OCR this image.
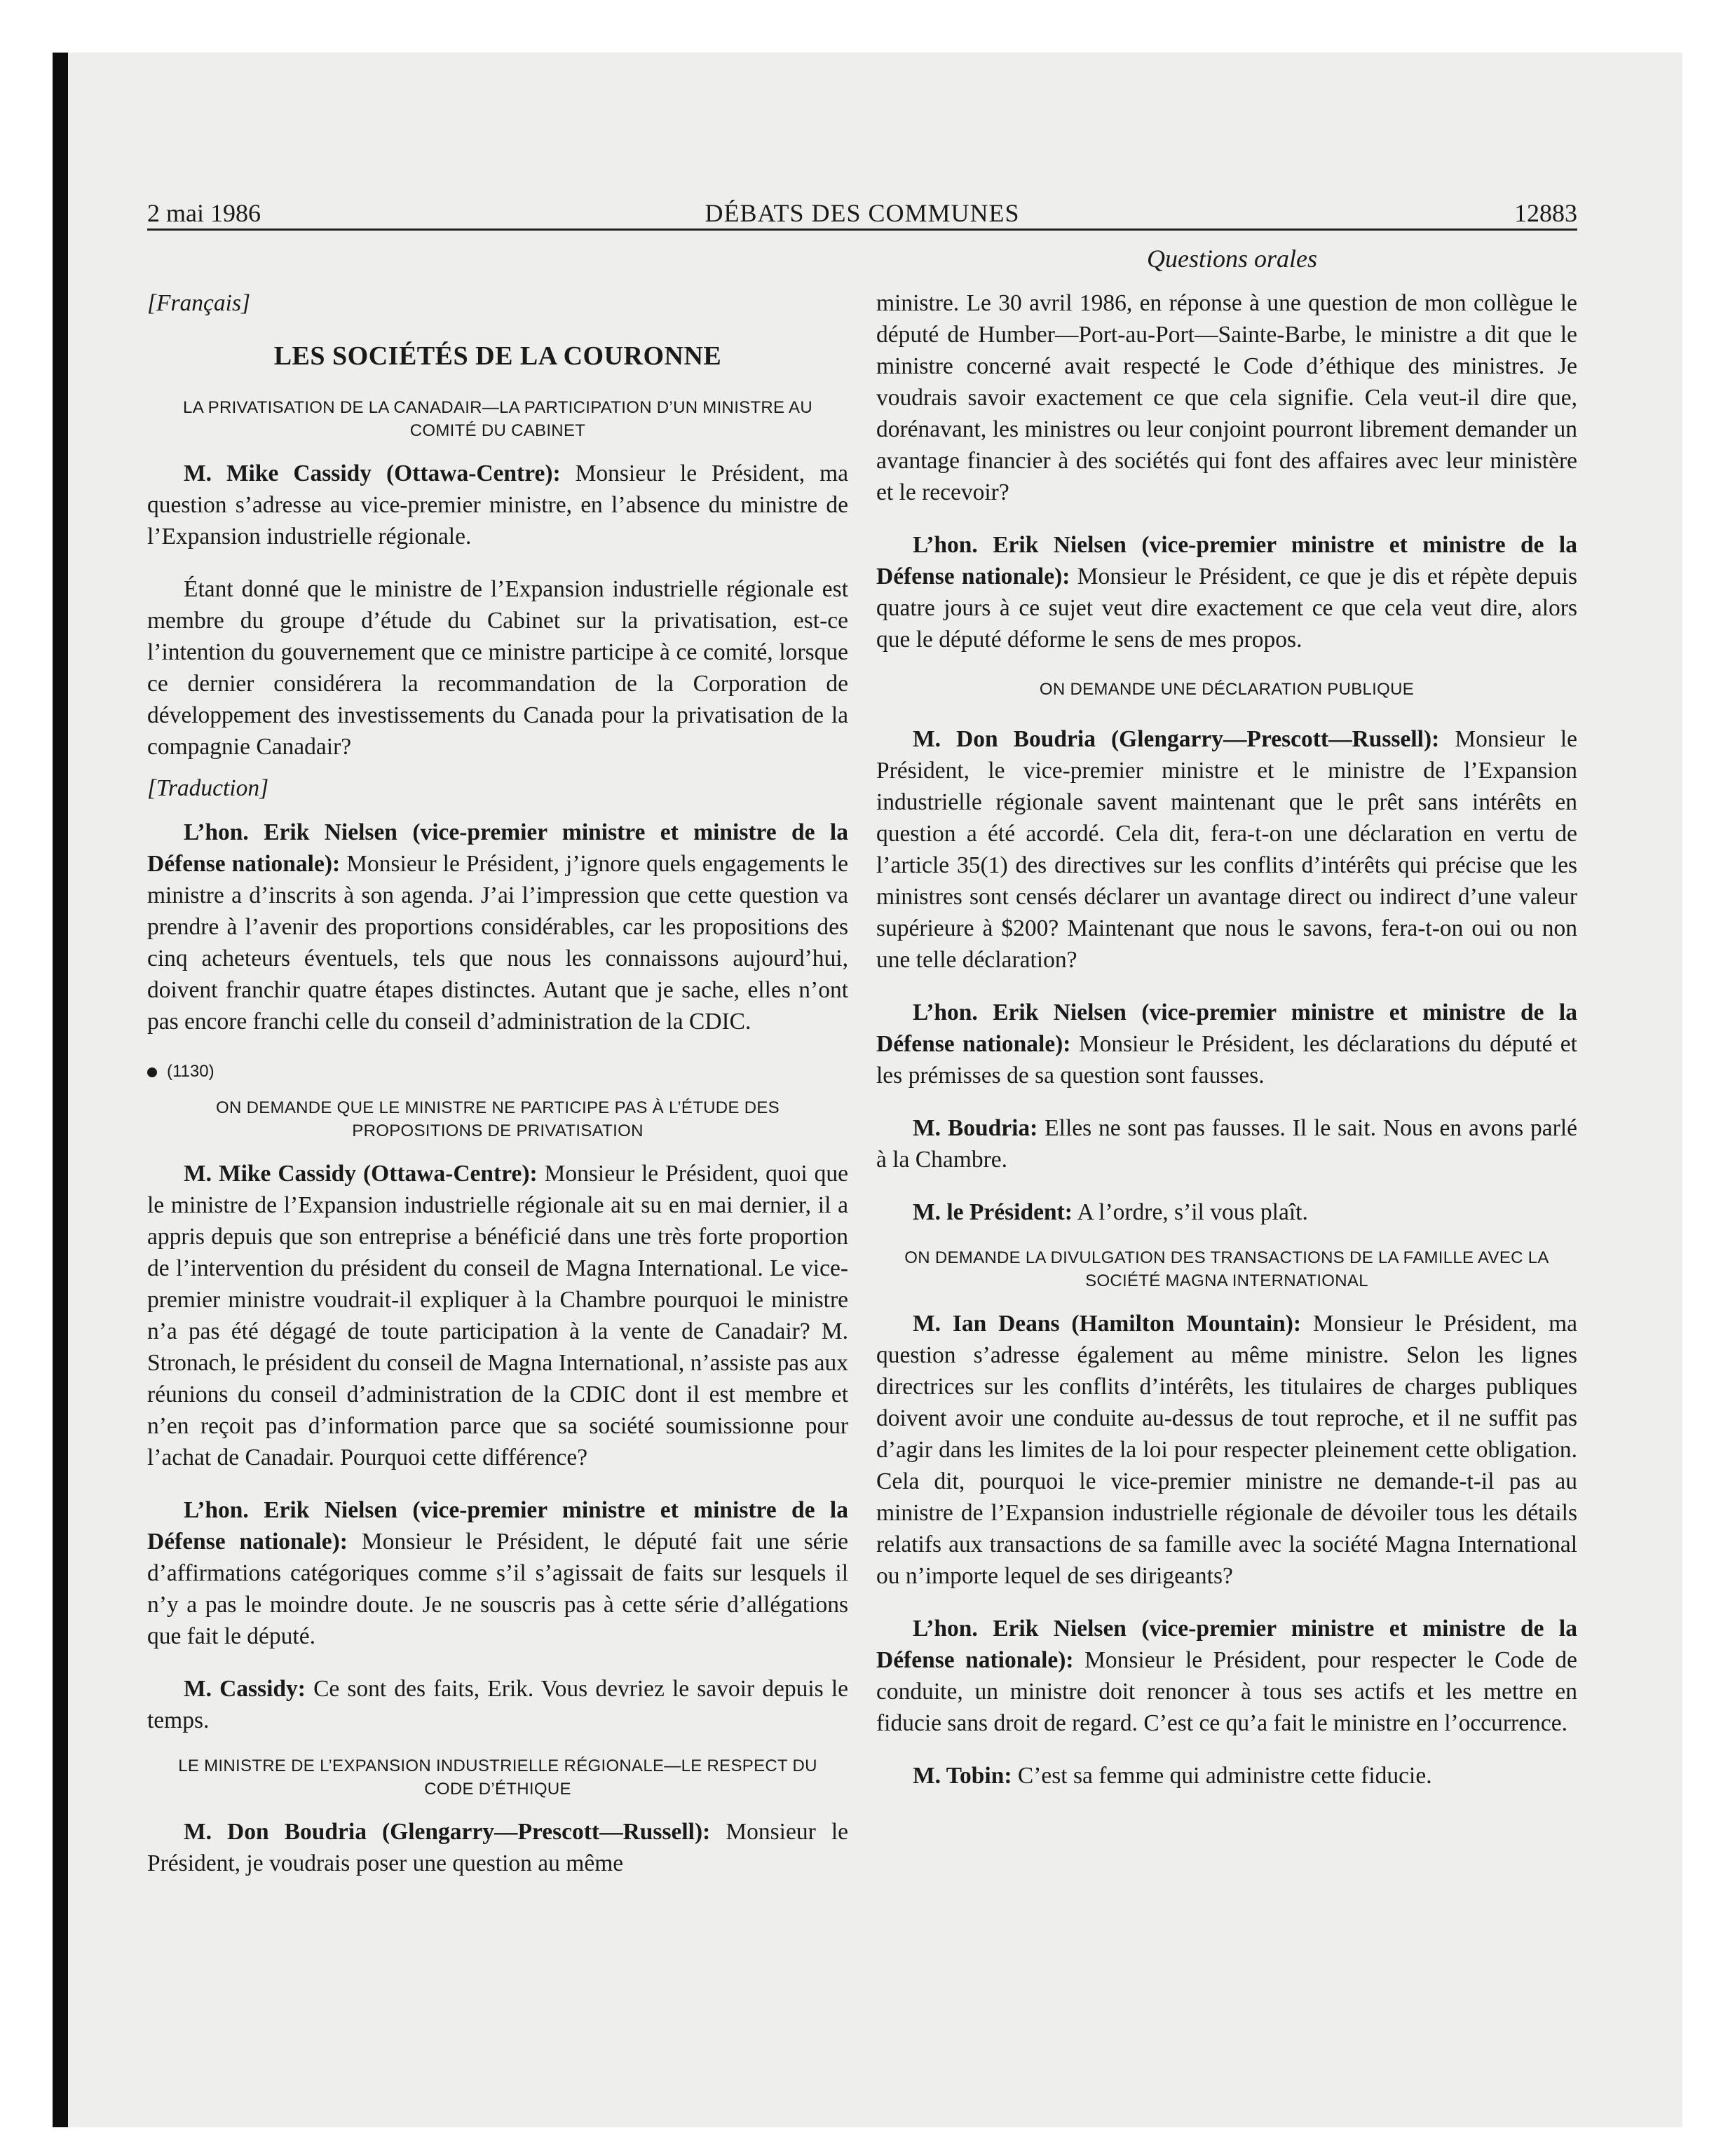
2 mai 1986	DÉBATS DES COMMUNES	12883
Questions orales

[Français]

LES SOCIÉTÉS DE LA COURONNE
LA PRIVATISATION DE LA CANADAIR—LA PARTICIPATION D’UN MINISTRE AU COMITÉ DU CABINET

M. Mike Cassidy (Ottawa-Centre): Monsieur le Président, ma question s’adresse au vice-premier ministre, en l’absence du ministre de l’Expansion industrielle régionale.

Étant donné que le ministre de l’Expansion industrielle régionale est membre du groupe d’étude du Cabinet sur la privatisation, est-ce l’intention du gouvernement que ce ministre participe à ce comité, lorsque ce dernier considérera la recommandation de la Corporation de développement des investissements du Canada pour la privatisation de la compagnie Canadair?

[Traduction]

L’hon. Erik Nielsen (vice-premier ministre et ministre de la Défense nationale): Monsieur le Président, j’ignore quels engagements le ministre a d’inscrits à son agenda. J’ai l’impression que cette question va prendre à l’avenir des proportions considérables, car les propositions des cinq acheteurs éventuels, tels que nous les connaissons aujourd’hui, doivent franchir quatre étapes distinctes. Autant que je sache, elles n’ont pas encore franchi celle du conseil d’administration de la CDIC.

(1130)
ON DEMANDE QUE LE MINISTRE NE PARTICIPE PAS À L’ÉTUDE DES PROPOSITIONS DE PRIVATISATION

M. Mike Cassidy (Ottawa-Centre): Monsieur le Président, quoi que le ministre de l’Expansion industrielle régionale ait su en mai dernier, il a appris depuis que son entreprise a bénéficié dans une très forte proportion de l’intervention du président du conseil de Magna International. Le vice-premier ministre voudrait-il expliquer à la Chambre pourquoi le ministre n’a pas été dégagé de toute participation à la vente de Canadair? M. Stronach, le président du conseil de Magna International, n’assiste pas aux réunions du conseil d’administration de la CDIC dont il est membre et n’en reçoit pas d’information parce que sa société soumissionne pour l’achat de Canadair. Pourquoi cette différence?

L’hon. Erik Nielsen (vice-premier ministre et ministre de la Défense nationale): Monsieur le Président, le député fait une série d’affirmations catégoriques comme s’il s’agissait de faits sur lesquels il n’y a pas le moindre doute. Je ne souscris pas à cette série d’allégations que fait le député.

M. Cassidy: Ce sont des faits, Erik. Vous devriez le savoir depuis le temps.

LE MINISTRE DE L’EXPANSION INDUSTRIELLE RÉGIONALE—LE RESPECT DU CODE D’ÉTHIQUE

M. Don Boudria (Glengarry—Prescott—Russell): Monsieur le Président, je voudrais poser une question au même

ministre. Le 30 avril 1986, en réponse à une question de mon collègue le député de Humber—Port-au-Port—Sainte-Barbe, le ministre a dit que le ministre concerné avait respecté le Code d’éthique des ministres. Je voudrais savoir exactement ce que cela signifie. Cela veut-il dire que, dorénavant, les ministres ou leur conjoint pourront librement demander un avantage financier à des sociétés qui font des affaires avec leur ministère et le recevoir?

L’hon. Erik Nielsen (vice-premier ministre et ministre de la Défense nationale): Monsieur le Président, ce que je dis et répète depuis quatre jours à ce sujet veut dire exactement ce que cela veut dire, alors que le député déforme le sens de mes propos.

ON DEMANDE UNE DÉCLARATION PUBLIQUE

M. Don Boudria (Glengarry—Prescott—Russell): Monsieur le Président, le vice-premier ministre et le ministre de l’Expansion industrielle régionale savent maintenant que le prêt sans intérêts en question a été accordé. Cela dit, fera-t-on une déclaration en vertu de l’article 35(1) des directives sur les conflits d’intérêts qui précise que les ministres sont censés déclarer un avantage direct ou indirect d’une valeur supérieure à $200? Maintenant que nous le savons, fera-t-on oui ou non une telle déclaration?

L’hon. Erik Nielsen (vice-premier ministre et ministre de la Défense nationale): Monsieur le Président, les déclarations du député et les prémisses de sa question sont fausses.

M. Boudria: Elles ne sont pas fausses. Il le sait. Nous en avons parlé à la Chambre.

M. le Président: A l’ordre, s’il vous plaît.

ON DEMANDE LA DIVULGATION DES TRANSACTIONS DE LA FAMILLE AVEC LA SOCIÉTÉ MAGNA INTERNATIONAL

M. Ian Deans (Hamilton Mountain): Monsieur le Président, ma question s’adresse également au même ministre. Selon les lignes directrices sur les conflits d’intérêts, les titulaires de charges publiques doivent avoir une conduite au-dessus de tout reproche, et il ne suffit pas d’agir dans les limites de la loi pour respecter pleinement cette obligation. Cela dit, pourquoi le vice-premier ministre ne demande-t-il pas au ministre de l’Expansion industrielle régionale de dévoiler tous les détails relatifs aux transactions de sa famille avec la société Magna International ou n’importe lequel de ses dirigeants?

L’hon. Erik Nielsen (vice-premier ministre et ministre de la Défense nationale): Monsieur le Président, pour respecter le Code de conduite, un ministre doit renoncer à tous ses actifs et les mettre en fiducie sans droit de regard. C’est ce qu’a fait le ministre en l’occurrence.

M. Tobin: C’est sa femme qui administre cette fiducie.
